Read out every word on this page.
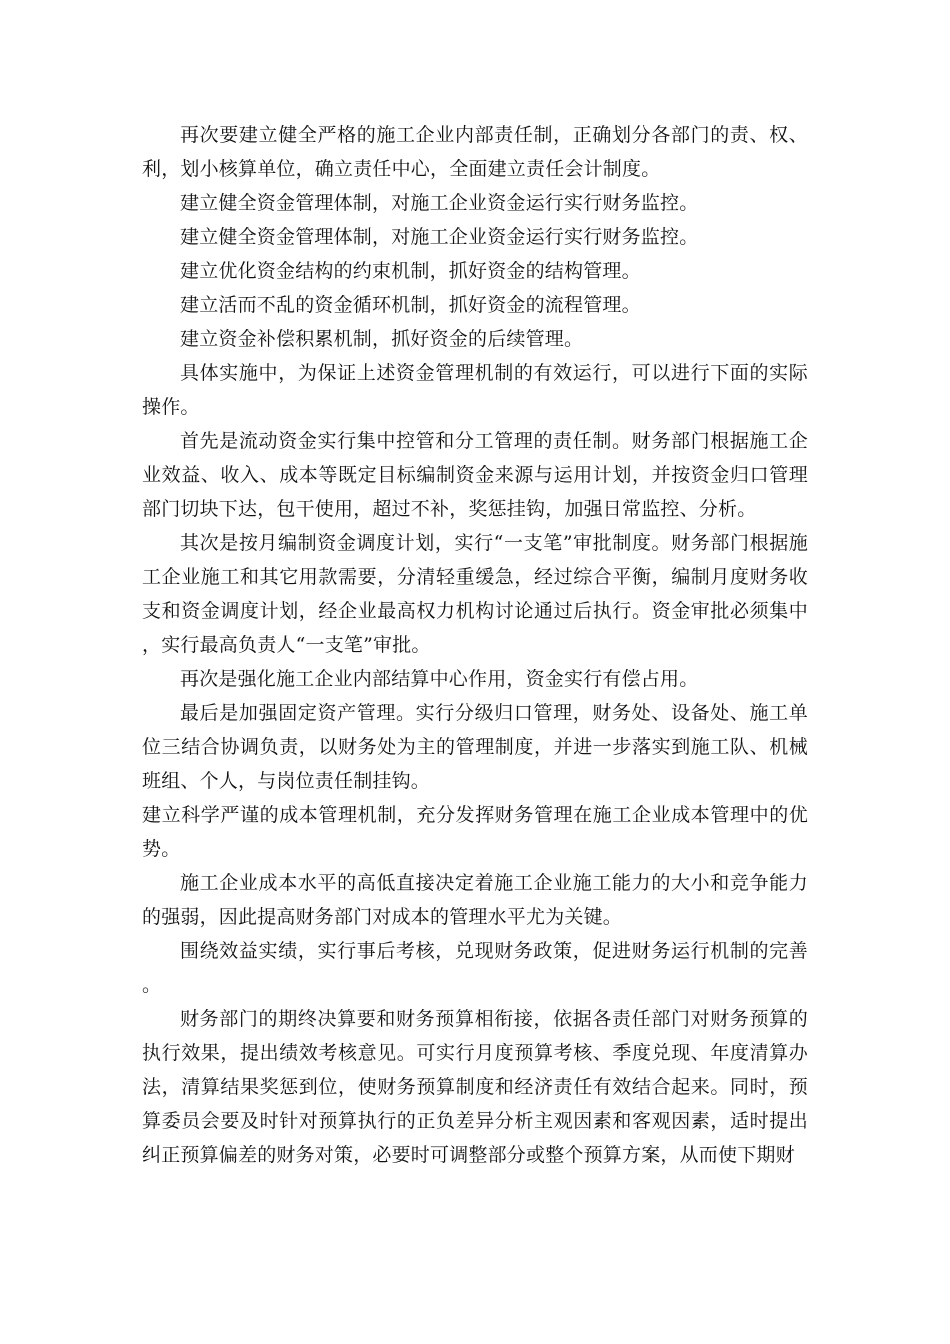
再次要建立健全严格的施工企业内部责任制，正确划分各部门的责、权、利，划小核算单位，确立责任中心，全面建立责任会计制度。

建立健全资金管理体制，对施工企业资金运行实行财务监控。

建立健全资金管理体制，对施工企业资金运行实行财务监控。

建立优化资金结构的约束机制，抓好资金的结构管理。

建立活而不乱的资金循环机制，抓好资金的流程管理。

建立资金补偿积累机制，抓好资金的后续管理。

具体实施中，为保证上述资金管理机制的有效运行，可以进行下面的实际操作。

首先是流动资金实行集中控管和分工管理的责任制。财务部门根据施工企业效益、收入、成本等既定目标编制资金来源与运用计划，并按资金归口管理部门切块下达，包干使用，超过不补，奖惩挂钩，加强日常监控、分析。

其次是按月编制资金调度计划，实行“一支笔”审批制度。财务部门根据施工企业施工和其它用款需要，分清轻重缓急，经过综合平衡，编制月度财务收支和资金调度计划，经企业最高权力机构讨论通过后执行。资金审批必须集中，实行最高负责人“一支笔”审批。

再次是强化施工企业内部结算中心作用，资金实行有偿占用。

最后是加强固定资产管理。实行分级归口管理，财务处、设备处、施工单位三结合协调负责，以财务处为主的管理制度，并进一步落实到施工队、机械班组、个人，与岗位责任制挂钩。

建立科学严谨的成本管理机制，充分发挥财务管理在施工企业成本管理中的优势。

施工企业成本水平的高低直接决定着施工企业施工能力的大小和竞争能力的强弱，因此提高财务部门对成本的管理水平尤为关键。

围绕效益实绩，实行事后考核，兑现财务政策，促进财务运行机制的完善。

财务部门的期终决算要和财务预算相衔接，依据各责任部门对财务预算的执行效果，提出绩效考核意见。可实行月度预算考核、季度兑现、年度清算办法，清算结果奖惩到位，使财务预算制度和经济责任有效结合起来。同时，预算委员会要及时针对预算执行的正负差异分析主观因素和客观因素，适时提出纠正预算偏差的财务对策，必要时可调整部分或整个预算方案，从而使下期财
